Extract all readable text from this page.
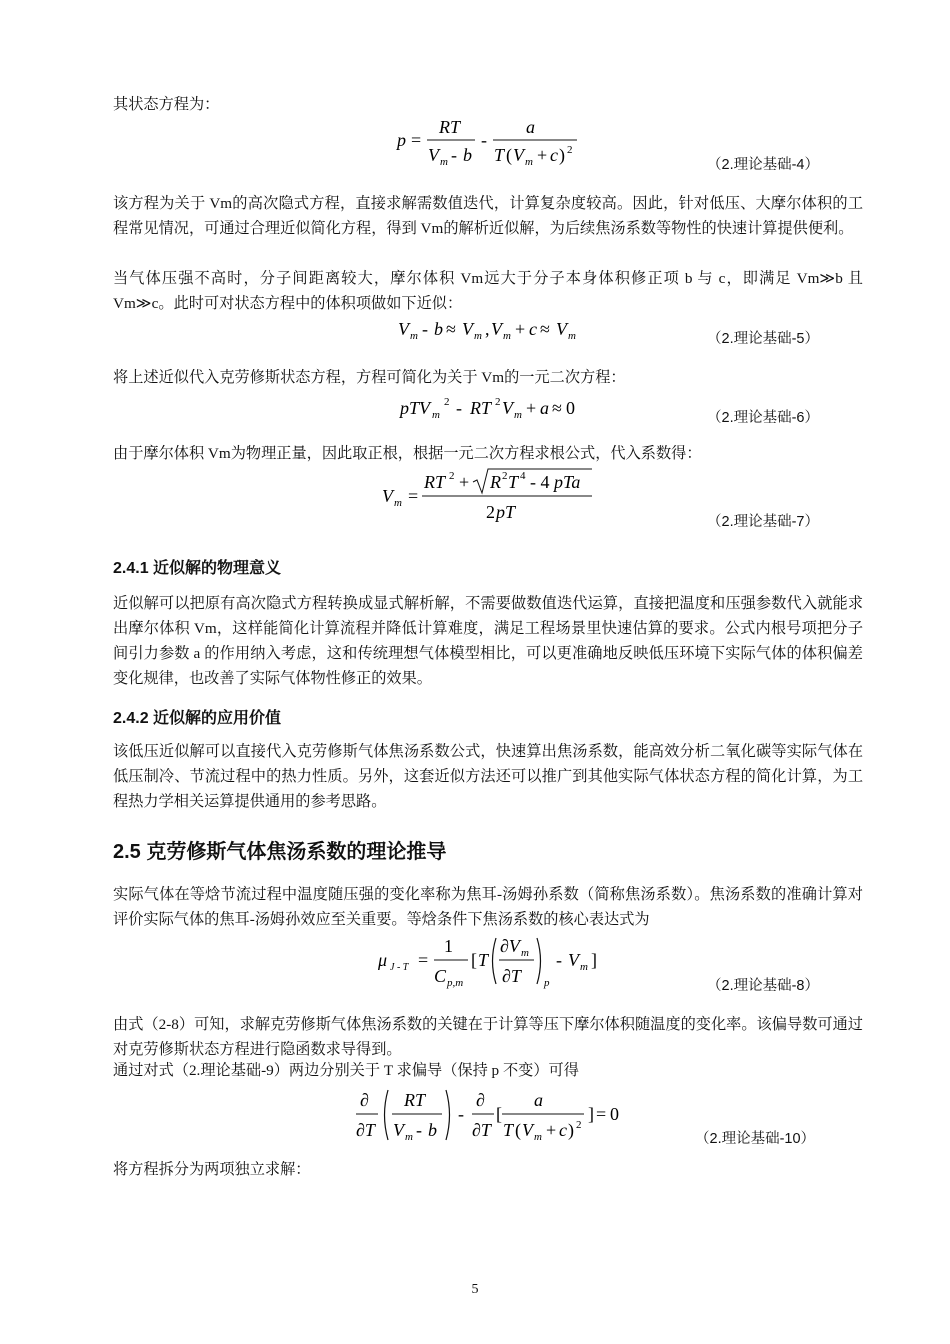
其状态方程为：
p =
RT
V m - b
-
a
T ( V m + c ) 2
（2.理论基础-4）
该方程为关于 Vm的高次隐式方程，直接求解需数值迭代，计算复杂度较高。因此，针对低压、大摩尔体积的工程常见情况，可通过合理近似简化方程，得到 Vm的解析近似解，为后续焦汤系数等物性的快速计算提供便利。
当气体压强不高时，分子间距离较大，摩尔体积 Vm远大于分子本身体积修正项 b 与 c，即满足 Vm≫b 且 Vm≫c。此时可对状态方程中的体积项做如下近似：
V m - b ≈ V m , V m + c ≈ V m	（2.理论基础-5）
将上述近似代入克劳修斯状态方程，方程可简化为关于 Vm的一元二次方程：
pTV m
2 - RT 2 V m + a ≈ 0	（2.理论基础-6）
由于摩尔体积 Vm为物理正量，因此取正根，根据一元二次方程求根公式，代入系数得：
V m =
RT 2 + R 2 T 4 - 4 pTa
2 pT	（2.理论基础-7）
2.4.1 近似解的物理意义
近似解可以把原有高次隐式方程转换成显式解析解，不需要做数值迭代运算，直接把温度和压强参数代入就能求出摩尔体积 Vm，这样能简化计算流程并降低计算难度，满足工程场景里快速估算的要求。公式内根号项把分子间引力参数 a 的作用纳入考虑，这和传统理想气体模型相比，可以更准确地反映低压环境下实际气体的体积偏差变化规律，也改善了实际气体物性修正的效果。
2.4.2 近似解的应用价值
该低压近似解可以直接代入克劳修斯气体焦汤系数公式，快速算出焦汤系数，能高效分析二氧化碳等实际气体在低压制冷、节流过程中的热力性质。另外，这套近似方法还可以推广到其他实际气体状态方程的简化计算，为工程热力学相关运算提供通用的参考思路。
2.5 克劳修斯气体焦汤系数的理论推导
实际气体在等焓节流过程中温度随压强的变化率称为焦耳-汤姆孙系数（简称焦汤系数）。焦汤系数的准确计算对评价实际气体的焦耳-汤姆孙效应至关重要。等焓条件下焦汤系数的核心表达式为
μ J - T =
1
C p,m
[ T
∂V m
∂T p
- V m ]
（2.理论基础-8）
由式（2-8）可知，求解克劳修斯气体焦汤系数的关键在于计算等压下摩尔体积随温度的变化率。该偏导数可通过对克劳修斯状态方程进行隐函数求导得到。
通过对式（2.理论基础-9）两边分别关于 T 求偏导（保持 p 不变）可得
∂
∂T
RT
V m - b
-
∂
∂T
[
a
T ( V m + c ) 2
] = 0
（2.理论基础-10）
将方程拆分为两项独立求解：
5
